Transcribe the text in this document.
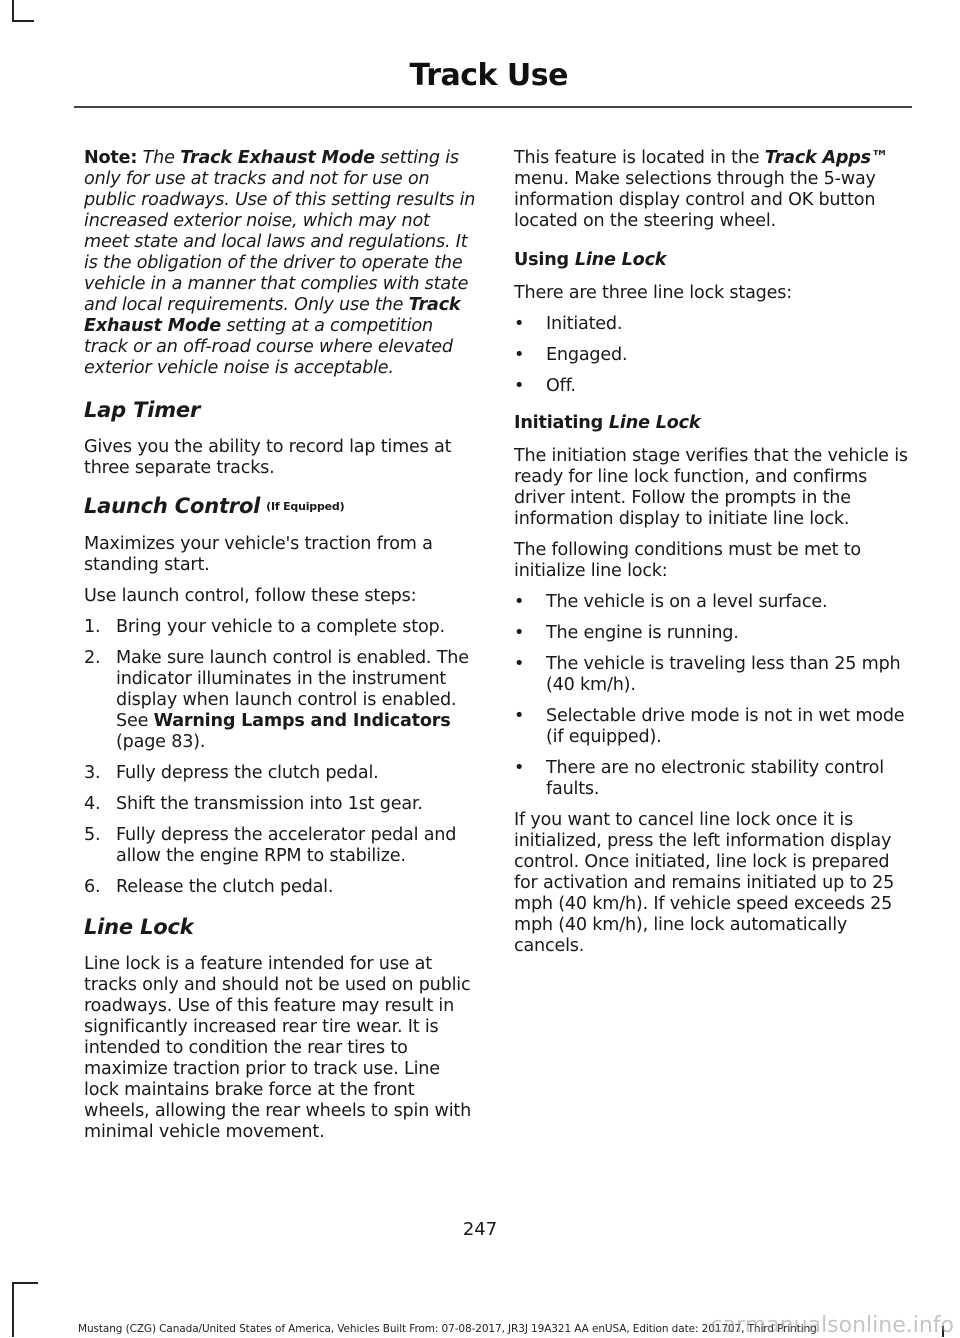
Track Use

Note: The Track Exhaust Mode setting is only for use at tracks and not for use on public roadways. Use of this setting results in increased exterior noise, which may not meet state and local laws and regulations. It is the obligation of the driver to operate the vehicle in a manner that complies with state and local requirements. Only use the Track Exhaust Mode setting at a competition track or an off-road course where elevated exterior vehicle noise is acceptable.

Lap Timer

Gives you the ability to record lap times at three separate tracks.

Launch Control (If Equipped)

Maximizes your vehicle's traction from a standing start.

Use launch control, follow these steps:

1. Bring your vehicle to a complete stop.
2. Make sure launch control is enabled. The indicator illuminates in the instrument display when launch control is enabled. See Warning Lamps and Indicators (page 83).
3. Fully depress the clutch pedal.
4. Shift the transmission into 1st gear.
5. Fully depress the accelerator pedal and allow the engine RPM to stabilize.
6. Release the clutch pedal.
Line Lock

Line lock is a feature intended for use at tracks only and should not be used on public roadways. Use of this feature may result in significantly increased rear tire wear. It is intended to condition the rear tires to maximize traction prior to track use. Line lock maintains brake force at the front wheels, allowing the rear wheels to spin with minimal vehicle movement.

This feature is located in the Track Apps™ menu. Make selections through the 5-way information display control and OK button located on the steering wheel.

Using Line Lock

There are three line lock stages:

• Initiated.
• Engaged.
• Off.
Initiating Line Lock

The initiation stage verifies that the vehicle is ready for line lock function, and confirms driver intent. Follow the prompts in the information display to initiate line lock.

The following conditions must be met to initialize line lock:

• The vehicle is on a level surface.
• The engine is running.
• The vehicle is traveling less than 25 mph (40 km/h).
• Selectable drive mode is not in wet mode (if equipped).
• There are no electronic stability control faults.

If you want to cancel line lock once it is initialized, press the left information display control. Once initiated, line lock is prepared for activation and remains initiated up to 25 mph (40 km/h). If vehicle speed exceeds 25 mph (40 km/h), line lock automatically cancels.

247
Mustang (CZG) Canada/United States of America, Vehicles Built From: 07-08-2017, JR3J 19A321 AA enUSA, Edition date: 201707, Third Printing
carmanualsonline.info
